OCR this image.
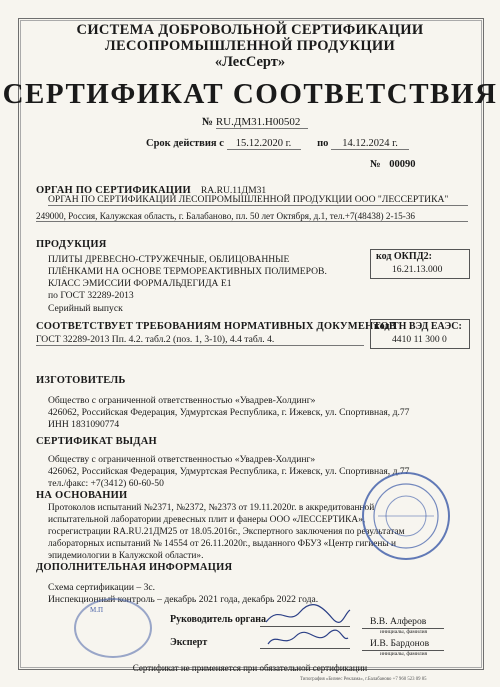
СИСТЕМА ДОБРОВОЛЬНОЙ СЕРТИФИКАЦИИ
ЛЕСОПРОМЫШЛЕННОЙ ПРОДУКЦИИ
«ЛесСерт»
СЕРТИФИКАТ СООТВЕТСТВИЯ
№ RU.ДМ31.Н00502
Срок действия с 15.12.2020 г. по 14.12.2024 г.
№ 00090
ОРГАН ПО СЕРТИФИКАЦИИ RA.RU.11ДМ31
ОРГАН ПО СЕРТИФИКАЦИИ ЛЕСОПРОМЫШЛЕННОЙ ПРОДУКЦИИ ООО "ЛЕССЕРТИКА"
249000, Россия, Калужская область, г. Балабаново, пл. 50 лет Октября, д.1, тел.+7(48438) 2-15-36
ПРОДУКЦИЯ
ПЛИТЫ ДРЕВЕСНО-СТРУЖЕЧНЫЕ, ОБЛИЦОВАННЫЕ
ПЛЁНКАМИ НА ОСНОВЕ ТЕРМОРЕАКТИВНЫХ ПОЛИМЕРОВ.
КЛАСС ЭМИССИИ ФОРМАЛЬДЕГИДА Е1
по ГОСТ 32289-2013
Серийный выпуск
код ОКПД2:
16.21.13.000
СООТВЕТСТВУЕТ ТРЕБОВАНИЯМ НОРМАТИВНЫХ ДОКУМЕНТОВ
ГОСТ 32289-2013 Пп. 4.2. табл.2 (поз. 1, 3-10), 4.4 табл. 4.
код ТН ВЭД ЕАЭС:
4410 11 300 0
ИЗГОТОВИТЕЛЬ
Общество с ограниченной ответственностью «Увадрев-Холдинг»
426062, Российская Федерация, Удмуртская Республика, г. Ижевск, ул. Спортивная, д.77
ИНН 1831090774
СЕРТИФИКАТ ВЫДАН
Обществу с ограниченной ответственностью «Увадрев-Холдинг»
426062, Российская Федерация, Удмуртская Республика, г. Ижевск, ул. Спортивная, д.77
тел./факс: +7(3412) 60-60-50
НА ОСНОВАНИИ
Протоколов испытаний №2371, №2372, №2373 от 19.11.2020г. в аккредитованной
испытательной лаборатории древесных плит и фанеры ООО «ЛЕССЕРТИКА»,
госрегистрации RA.RU.21ДМ25 от 18.05.2016г., Экспертного заключения по результатам
лабораторных испытаний № 14554 от 26.11.2020г., выданного ФБУЗ «Центр гигиены и
эпидемиологии в Калужской области».
ДОПОЛНИТЕЛЬНАЯ ИНФОРМАЦИЯ
Схема сертификации – 3с.
Инспекционный контроль – декабрь 2021 года, декабрь 2022 года.
Руководитель органа	В.В. Алферов
инициалы, фамилия
Эксперт	И.В. Бардонов
инициалы, фамилия
М.П
Сертификат не применяется при обязательной сертификации
Типография «Бизнес Реклама», г.Балабаново +7 960 523 09 85
